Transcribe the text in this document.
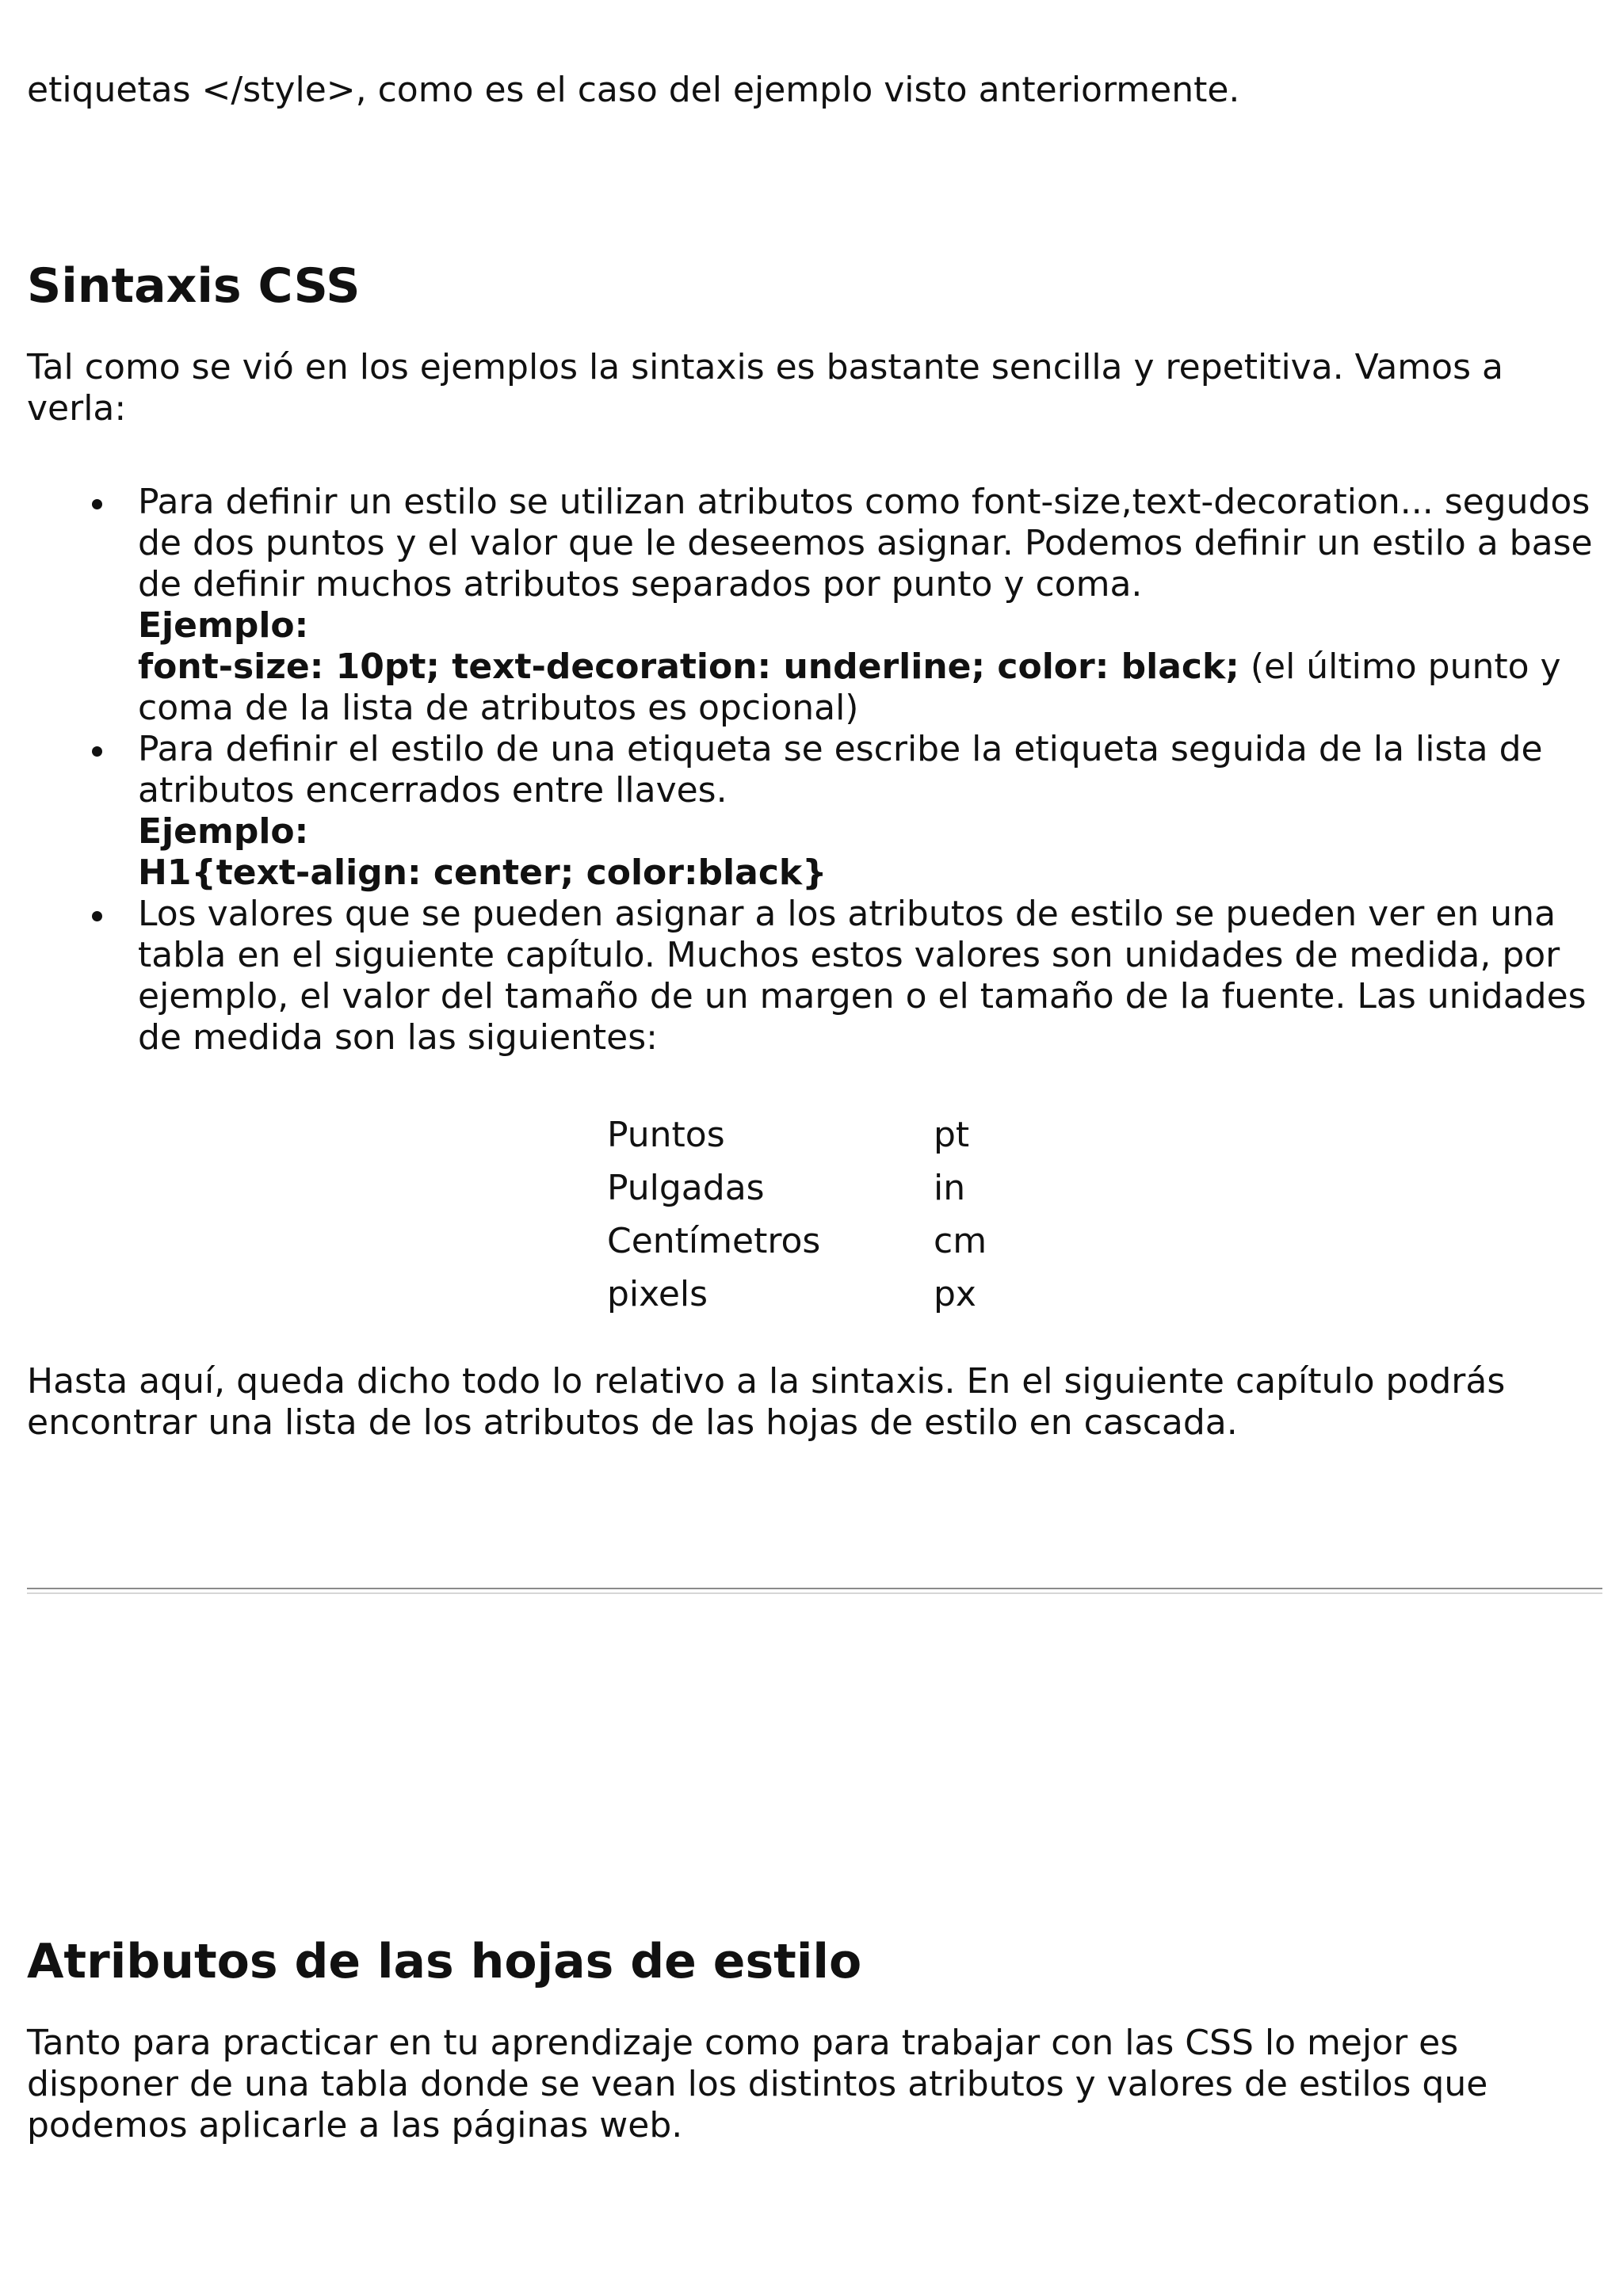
etiquetas </style>, como es el caso del ejemplo visto anteriormente.

Sintaxis CSS

Tal como se vió en los ejemplos la sintaxis es bastante sencilla y repetitiva. Vamos a verla:

Para definir un estilo se utilizan atributos como font-size,text-decoration... segudos de dos puntos y el valor que le deseemos asignar. Podemos definir un estilo a base de definir muchos atributos separados por punto y coma.
Ejemplo:
font-size: 10pt; text-decoration: underline; color: black; (el último punto y coma de la lista de atributos es opcional)
Para definir el estilo de una etiqueta se escribe la etiqueta seguida de la lista de atributos encerrados entre llaves.
Ejemplo:
H1{text-align: center; color:black}
Los valores que se pueden asignar a los atributos de estilo se pueden ver en una tabla en el siguiente capítulo. Muchos estos valores son unidades de medida, por ejemplo, el valor del tamaño de un margen o el tamaño de la fuente. Las unidades de medida son las siguientes:
Puntos	pt
Pulgadas	in
Centímetros	cm
pixels	px

Hasta aquí, queda dicho todo lo relativo a la sintaxis. En el siguiente capítulo podrás encontrar una lista de los atributos de las hojas de estilo en cascada.

Atributos de las hojas de estilo

Tanto para practicar en tu aprendizaje como para trabajar con las CSS lo mejor es disponer de una tabla donde se vean los distintos atributos y valores de estilos que podemos aplicarle a las páginas web.
